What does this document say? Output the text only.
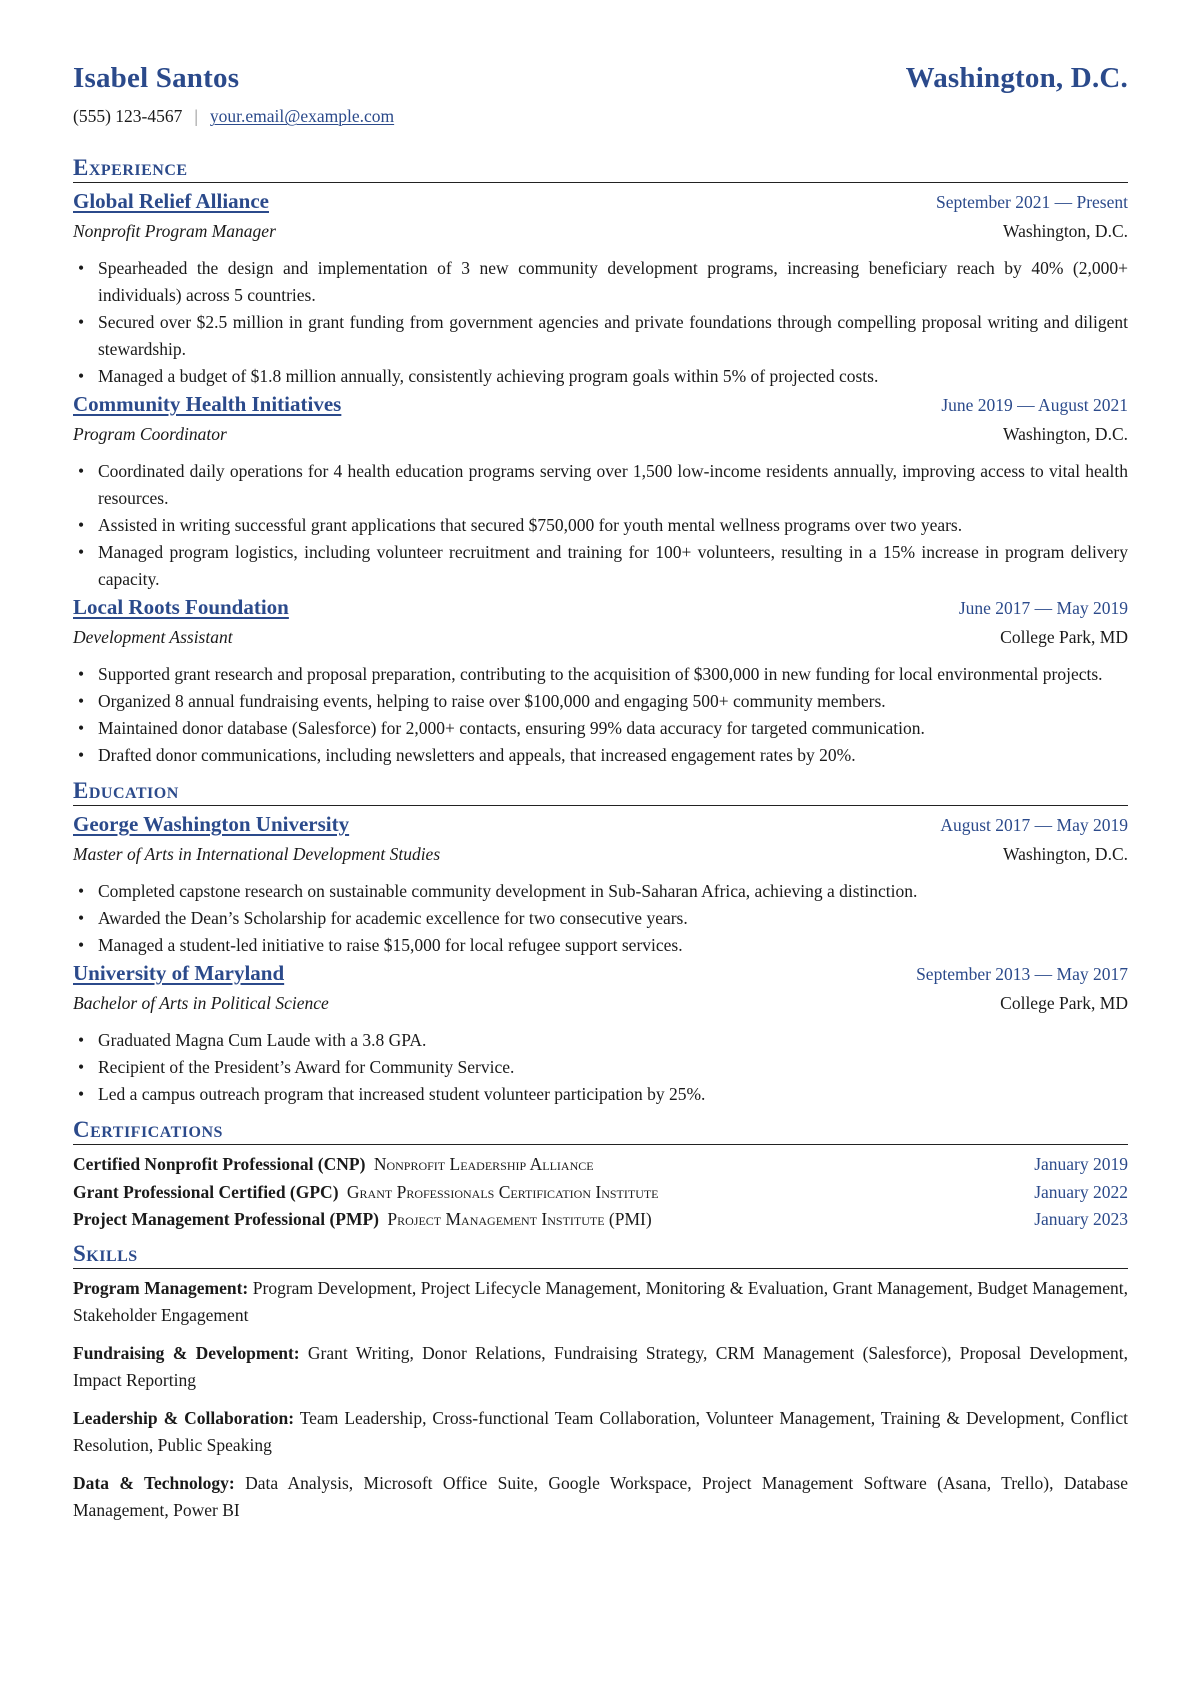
Isabel Santos	Washington, D.C.
(555) 123-4567 | your.email@example.com
Experience
Global Relief Alliance	September 2021 — Present
Nonprofit Program Manager	Washington, D.C.
• Spearheaded the design and implementation of 3 new community development programs, increasing beneficiary reach by 40% (2,000+ individuals) across 5 countries.
• Secured over $2.5 million in grant funding from government agencies and private foundations through compelling proposal writing and diligent stewardship.
• Managed a budget of $1.8 million annually, consistently achieving program goals within 5% of projected costs.
Community Health Initiatives	June 2019 — August 2021
Program Coordinator	Washington, D.C.
• Coordinated daily operations for 4 health education programs serving over 1,500 low-income residents annually, improving access to vital health resources.
• Assisted in writing successful grant applications that secured $750,000 for youth mental wellness programs over two years.
• Managed program logistics, including volunteer recruitment and training for 100+ volunteers, resulting in a 15% increase in program delivery capacity.
Local Roots Foundation	June 2017 — May 2019
Development Assistant	College Park, MD
• Supported grant research and proposal preparation, contributing to the acquisition of $300,000 in new funding for local environmental projects.
• Organized 8 annual fundraising events, helping to raise over $100,000 and engaging 500+ community members.
• Maintained donor database (Salesforce) for 2,000+ contacts, ensuring 99% data accuracy for targeted communication.
• Drafted donor communications, including newsletters and appeals, that increased engagement rates by 20%.
Education
George Washington University	August 2017 — May 2019
Master of Arts in International Development Studies	Washington, D.C.
• Completed capstone research on sustainable community development in Sub-Saharan Africa, achieving a distinction.
• Awarded the Dean’s Scholarship for academic excellence for two consecutive years.
• Managed a student-led initiative to raise $15,000 for local refugee support services.
University of Maryland	September 2013 — May 2017
Bachelor of Arts in Political Science	College Park, MD
• Graduated Magna Cum Laude with a 3.8 GPA.
• Recipient of the President’s Award for Community Service.
• Led a campus outreach program that increased student volunteer participation by 25%.
Certifications
Certified Nonprofit Professional (CNP) Nonprofit Leadership Alliance	January 2019
Grant Professional Certified (GPC) Grant Professionals Certification Institute	January 2022
Project Management Professional (PMP) Project Management Institute (PMI)	January 2023
Skills
Program Management: Program Development, Project Lifecycle Management, Monitoring & Evaluation, Grant Management, Budget Management, Stakeholder Engagement
Fundraising & Development: Grant Writing, Donor Relations, Fundraising Strategy, CRM Management (Salesforce), Proposal Development, Impact Reporting
Leadership & Collaboration: Team Leadership, Cross-functional Team Collaboration, Volunteer Management, Training & Development, Conflict Resolution, Public Speaking
Data & Technology: Data Analysis, Microsoft Office Suite, Google Workspace, Project Management Software (Asana, Trello), Database Management, Power BI
